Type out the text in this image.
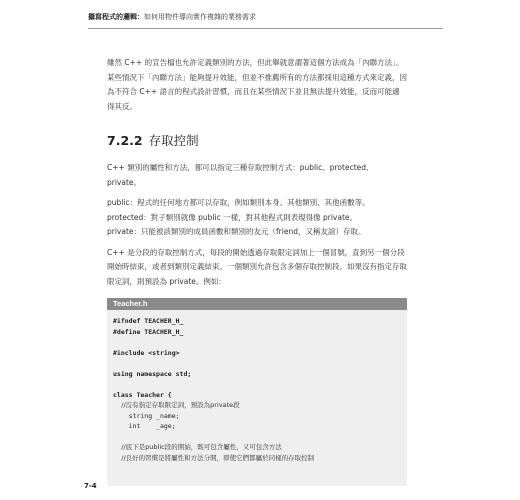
攝寫程式的邏輯：如何用物件導向實作複雜的業務需求

雖然 C++ 的宣告檔也允許定義類別的方法，但此舉就意謂著這個方法成為「內聯方法」。某些情況下「內聯方法」能夠提升效能，但並不推薦所有的方法都採用這種方式來定義，因為不符合 C++ 語言的程式設計習慣，而且在某些情況下並且無法提升效能，反而可能適得其反。

7.2.2 存取控制

C++ 類別的屬性和方法，都可以指定三種存取控制方式：public、protected、private。

public：程式的任何地方都可以存取，例如類別本身、其他類別、其他函數等。
protected：對子類別就像 public 一樣，對其他程式則表現得像 private。
private：只能被該類別的成員函數和類別的友元（friend，又稱友誼）存取。

C++ 是分段的存取控制方式，每段的開始透過存取限定詞加上一個冒號，直到另一個分段開始時結束，或者到類別定義結束。一個類別允許包含多個存取控制段。如果沒有指定存取限定詞，則預設為 private。例如：

Teacher.h
#ifndef TEACHER_H_
#define TEACHER_H_
#include <string>
using namespace std;
class Teacher {
//沒有指定存取限定詞，預設為private段
string _name;
int    _age;
//底下是public段的開始，既可包含屬性，又可包含方法
//良好的習慣是將屬性和方法分開，即使它們都屬於同樣的存取控制
7-4
